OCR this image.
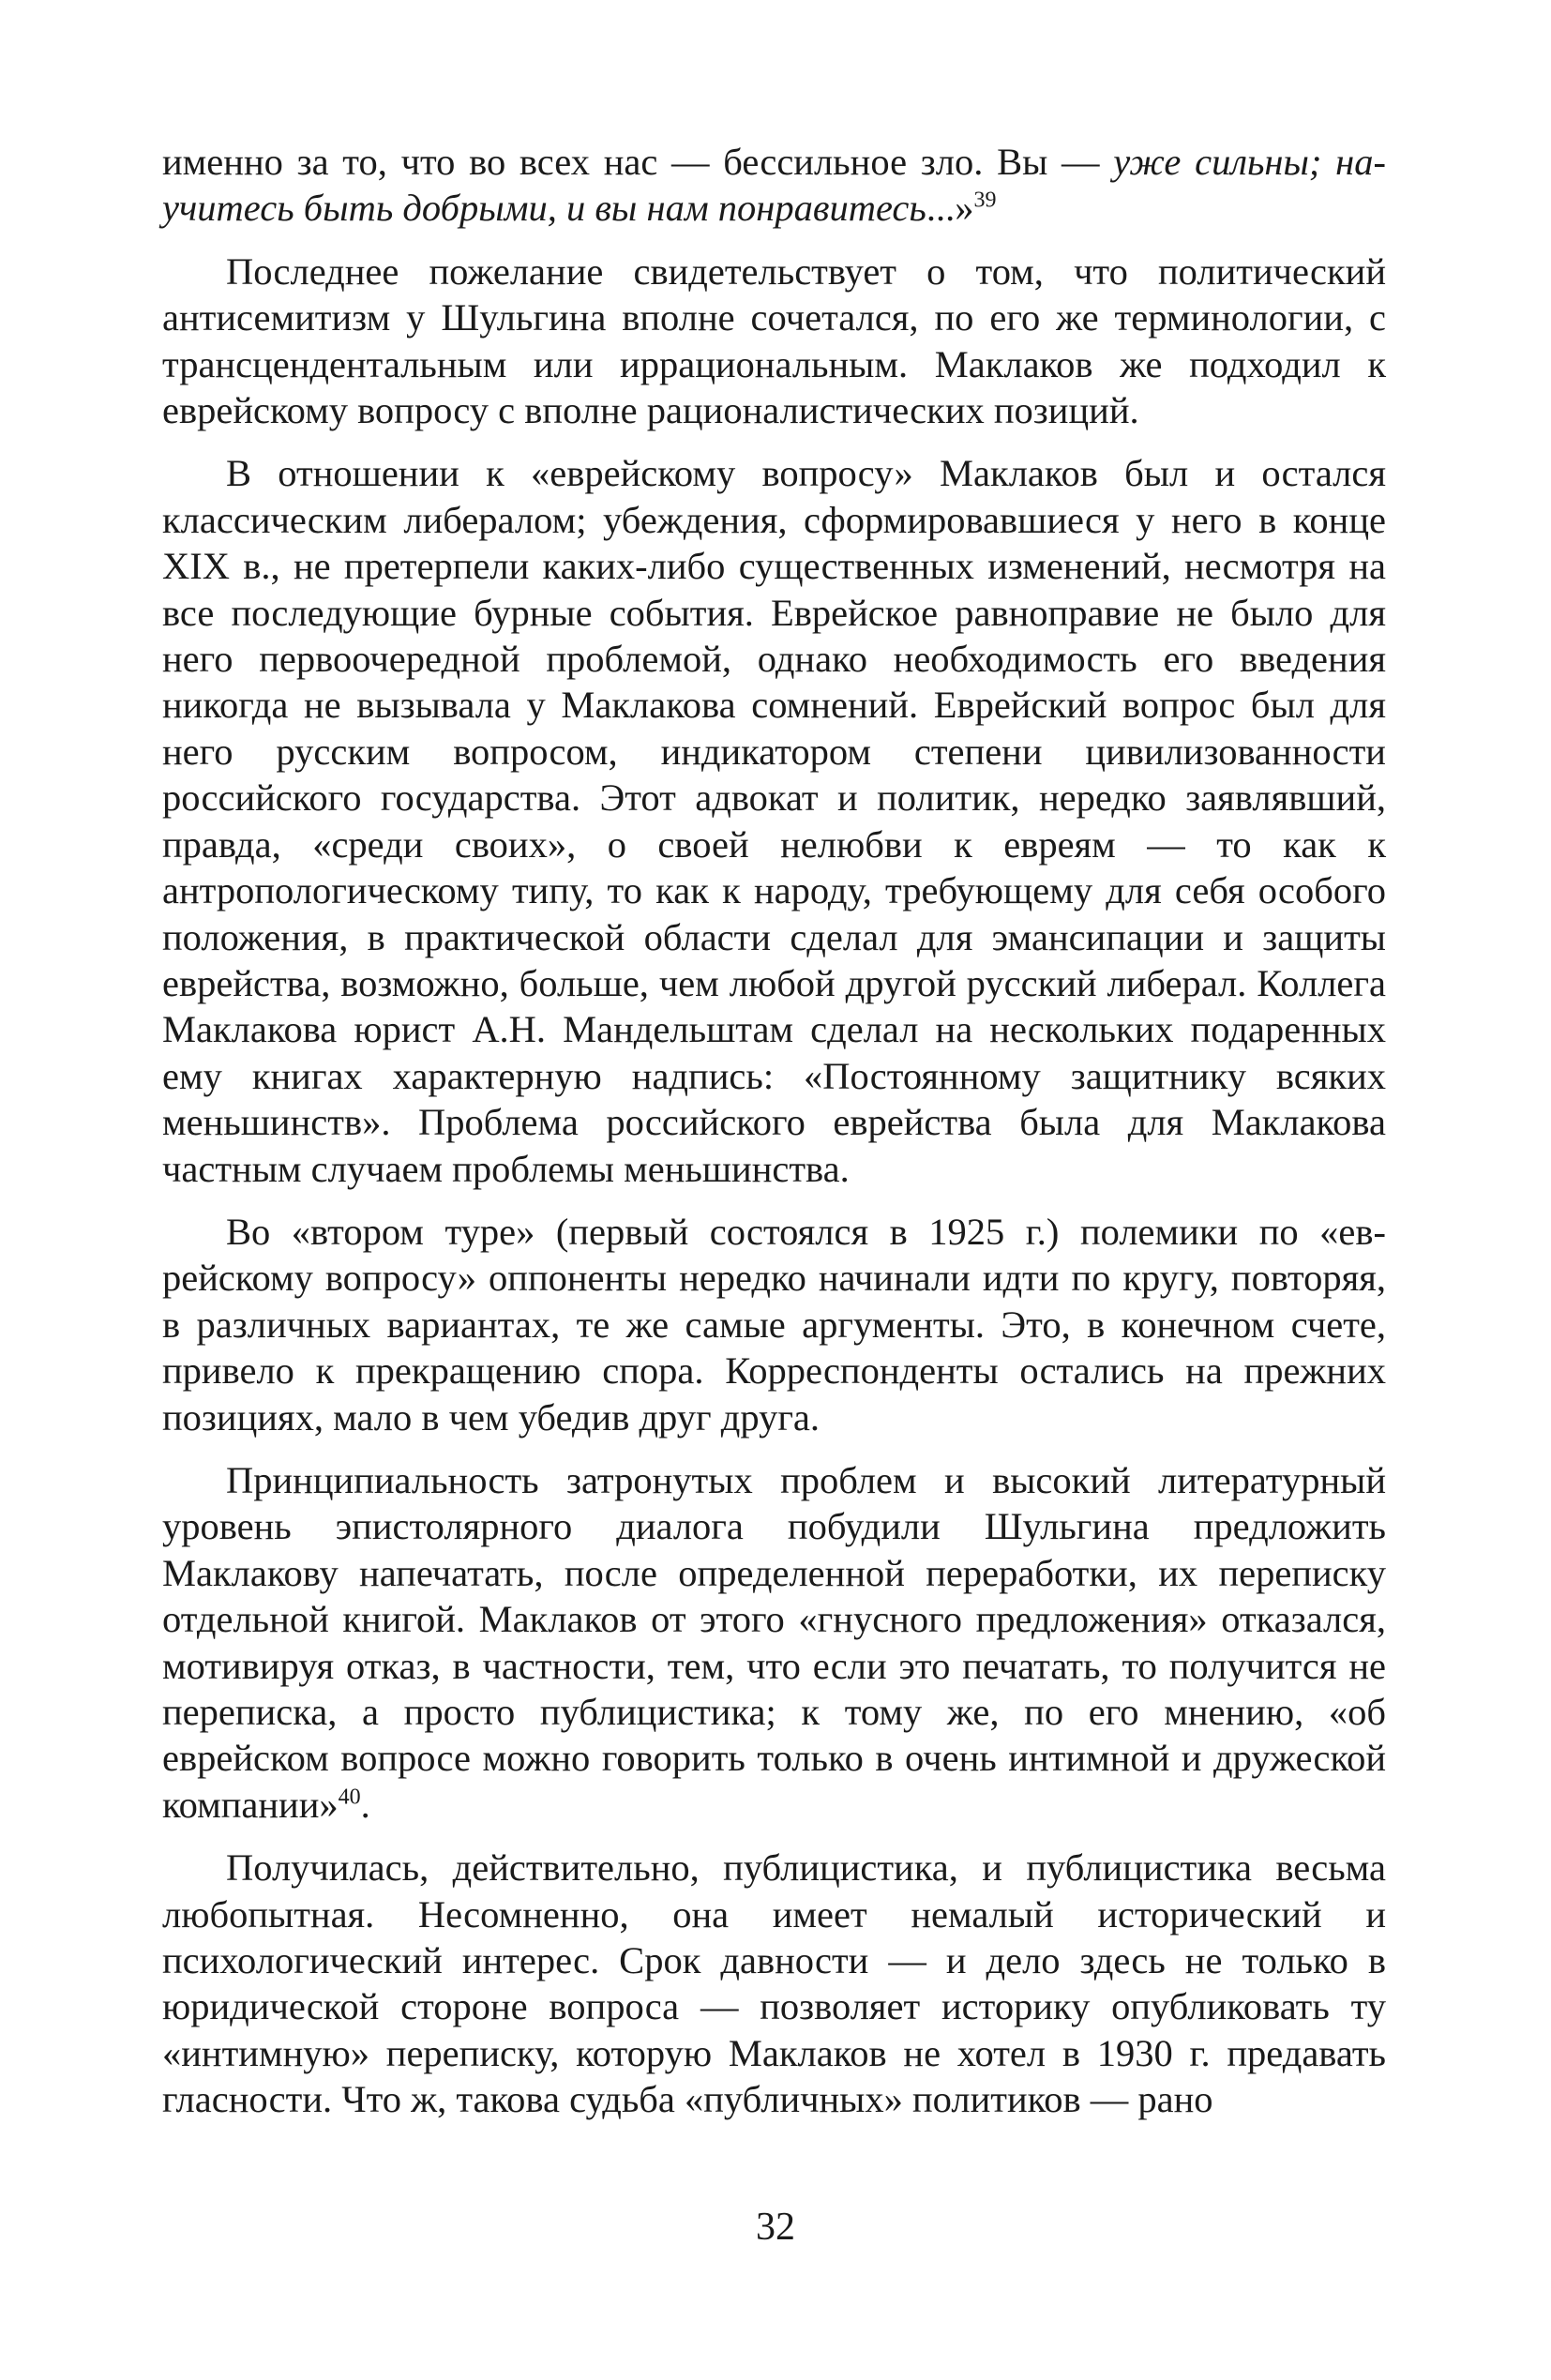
именно за то, что во всех нас — бессильное зло. Вы — уже сильны; научитесь быть добрыми, и вы нам понравитесь...»$^{39}$

Последнее пожелание свидетельствует о том, что политический антисемитизм у Шульгина вполне сочетался, по его же терминологии, с трансцендентальным или иррациональным. Маклаков же подходил к еврейскому вопросу с вполне рационалистических позиций.

В отношении к «еврейскому вопросу» Маклаков был и остался классическим либералом; убеждения, сформировавшиеся у него в конце XIX в., не претерпели каких-либо существенных изменений, несмотря на все последующие бурные события. Еврейское равноправие не было для него первоочередной проблемой, однако необходимость его введения никогда не вызывала у Маклакова сомнений. Еврейский вопрос был для него русским вопросом, индикатором степени цивилизованности российского государства. Этот адвокат и политик, нередко заявлявший, правда, «среди своих», о своей нелюбви к евреям — то как к антропологическому типу, то как к народу, требующему для себя особого положения, в практической области сделал для эмансипации и защиты еврейства, возможно, больше, чем любой другой русский либерал. Коллега Маклакова юрист А.Н. Мандельштам сделал на нескольких подаренных ему книгах характерную надпись: «Постоянному защитнику всяких меньшинств». Проблема российского еврейства была для Маклакова частным случаем проблемы меньшинства.

Во «втором туре» (первый состоялся в 1925 г.) полемики по «еврейскому вопросу» оппоненты нередко начинали идти по кругу, повторяя, в различных вариантах, те же самые аргументы. Это, в конечном счете, привело к прекращению спора. Корреспонденты остались на прежних позициях, мало в чем убедив друг друга.

Принципиальность затронутых проблем и высокий литературный уровень эпистолярного диалога побудили Шульгина предложить Маклакову напечатать, после определенной переработки, их переписку отдельной книгой. Маклаков от этого «гнусного предложения» отказался, мотивируя отказ, в частности, тем, что если это печатать, то получится не переписка, а просто публицистика; к тому же, по его мнению, «об еврейском вопросе можно говорить только в очень интимной и дружеской компании»$^{40}$.

Получилась, действительно, публицистика, и публицистика весьма любопытная. Несомненно, она имеет немалый исторический и психологический интерес. Срок давности — и дело здесь не только в юридической стороне вопроса — позволяет историку опубликовать ту «интимную» переписку, которую Маклаков не хотел в 1930 г. предавать гласности. Что ж, такова судьба «публичных» политиков — рано

32
